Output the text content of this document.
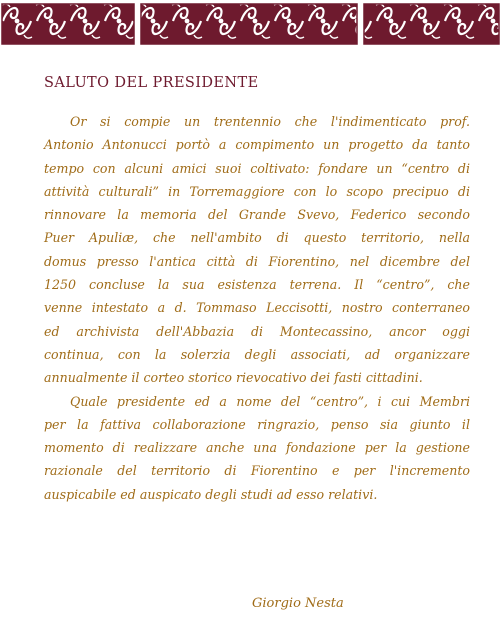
SALUTO DEL PRESIDENTE
Or si compie un trentennio che l'indimenticato prof.
Antonio Antonucci portò a compimento un progetto da tanto
tempo con alcuni amici suoi coltivato: fondare un “centro di
attività culturali” in Torremaggiore con lo scopo precipuo di
rinnovare la memoria del Grande Svevo, Federico secondo
Puer Apuliæ, che nell'ambito di questo territorio, nella
domus presso l'antica città di Fiorentino, nel dicembre del
1250 concluse la sua esistenza terrena. Il “centro”, che
venne intestato a d. Tommaso Leccisotti, nostro conterraneo
ed archivista dell'Abbazia di Montecassino, ancor oggi
continua, con la solerzia degli associati, ad organizzare
annualmente il corteo storico rievocativo dei fasti cittadini.
Quale presidente ed a nome del “centro”, i cui Membri
per la fattiva collaborazione ringrazio, penso sia giunto il
momento di realizzare anche una fondazione per la gestione
razionale del territorio di Fiorentino e per l'incremento
auspicabile ed auspicato degli studi ad esso relativi.
Giorgio Nesta
